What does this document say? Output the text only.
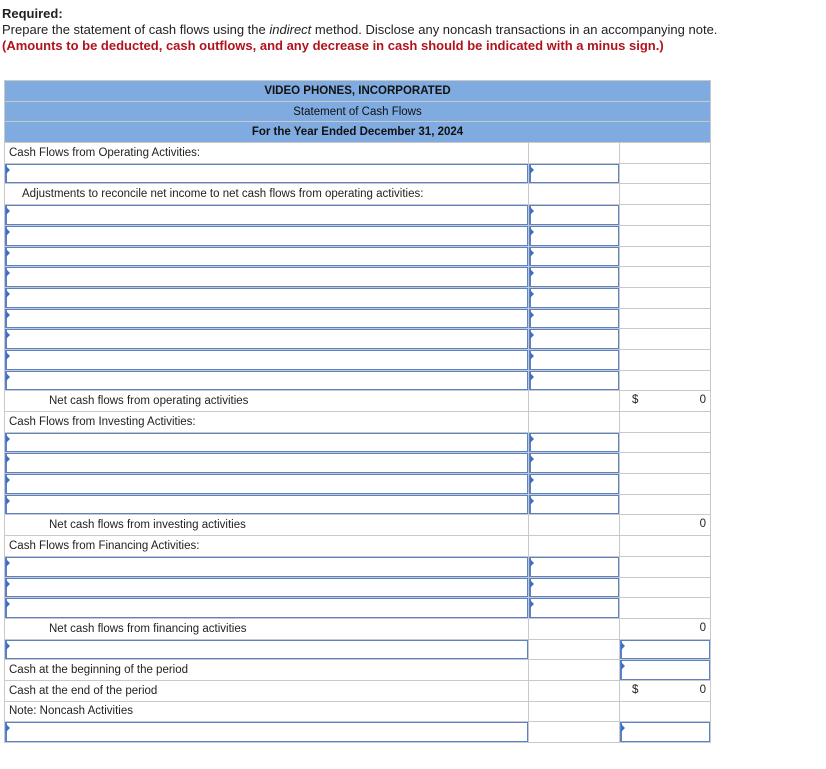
Required:
Prepare the statement of cash flows using the indirect method. Disclose any noncash transactions in an accompanying note.
(Amounts to be deducted, cash outflows, and any decrease in cash should be indicated with a minus sign.)
VIDEO PHONES, INCORPORATED		
Statement of Cash Flows		
For the Year Ended December 31, 2024		
Cash Flows from Operating Activities:		

Adjustments to reconcile net income to net cash flows from operating activities:		

Net cash flows from operating activities		$ 0

Cash Flows from Investing Activities:		

Net cash flows from investing activities		0

Cash Flows from Financing Activities:		

Net cash flows from financing activities		0

Cash at the beginning of the period		

Cash at the end of the period		$ 0

Note: Noncash Activities		
